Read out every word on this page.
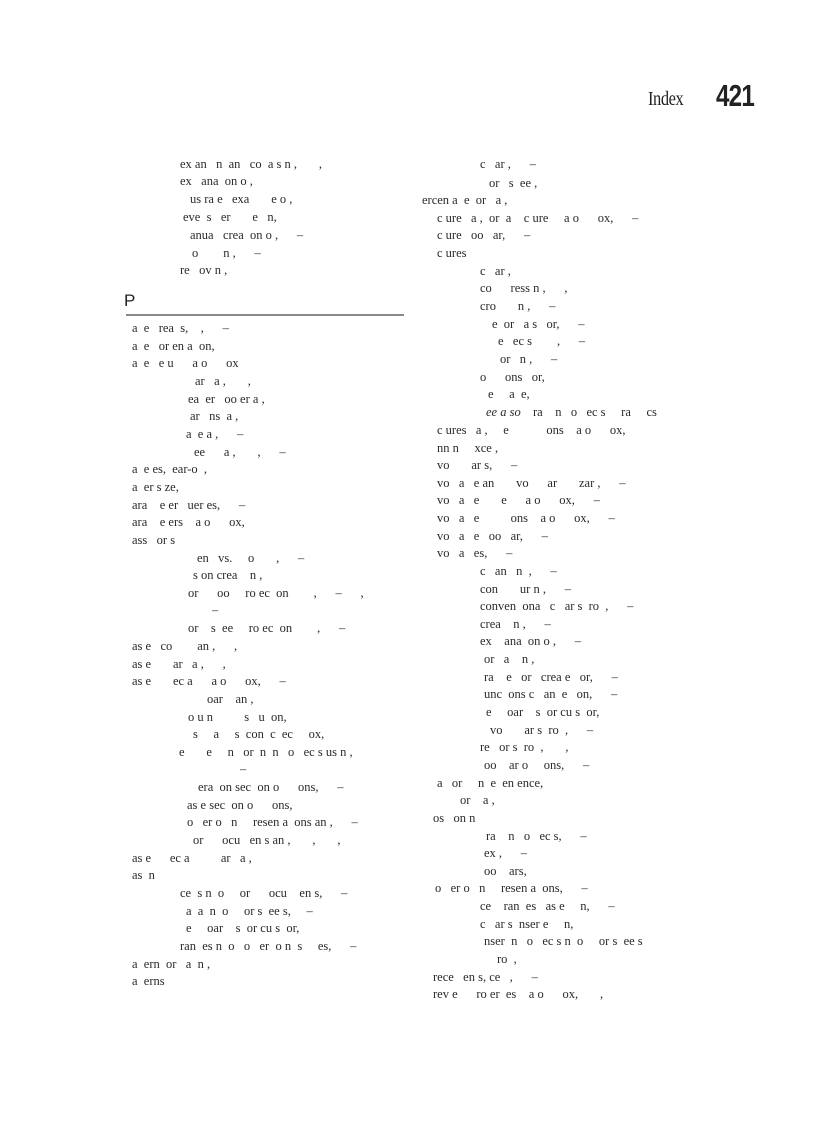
Index 421
ex an   n  an   co  a s n ,       ,
ex   ana  on o ,
us ra e   exa       e o ,
eve  s   er       e   n,
anua   crea  on o ,      –
o        n ,      –
re   ov n ,
P
a  e   rea  s,    ,      –
a  e   or en a  on,
a  e   e u      a o      ox
ar   a ,       ,
ea  er   oo er a ,
ar   ns  a ,
a  e a ,      –
ee      a ,       ,      –
a  e es,  ear-o  ,
a  er s ze,
ara    e er   uer es,      –
ara    e ers    a o      ox,
ass   or s
en   vs.     o       ,      –
s on crea    n ,
or      oo     ro ec  on        ,      –      ,
–
or    s  ee     ro ec  on        ,      –
as e   co        an ,      ,
as e       ar   a ,      ,
as e       ec a      a o      ox,      –
oar    an ,
o u n          s   u  on,
s     a     s  con  c  ec     ox,
e       e     n   or  n  n   o   ec s us n ,
–
era  on sec  on o      ons,      –
as e sec  on o      ons,
o   er o   n     resen a  ons an ,      –
or      ocu   en s an ,       ,       ,
as e      ec a          ar   a ,
as  n
ce  s n  o     or      ocu    en s,      –
a  a  n  o     or s  ee s,     –
e     oar    s  or cu s  or,
ran  es n  o   o   er  o n  s     es,      –
a  ern  or   a  n ,
a  erns
c   ar ,      –
or   s  ee ,
ercen a  e  or   a ,
c ure   a ,  or  a    c ure     a o      ox,      –
c ure   oo   ar,      –
c ures
c   ar ,
co      ress n ,      ,
cro       n ,      –
e  or   a s   or,      –
e   ec s        ,      –
or   n ,      –
o      ons   or,
e     a  e,
ee a so ra    n   o   ec s     ra     cs
c ures   a ,     e            ons    a o      ox,
nn n     xce ,
vo       ar s,      –
vo   a   e an       vo      ar       zar ,      –
vo   a   e       e      a o      ox,      –
vo   a   e          ons    a o      ox,      –
vo   a   e   oo   ar,      –
vo   a   es,      –
c   an   n  ,      –
con       ur n ,      –
conven  ona   c   ar s  ro  ,      –
crea    n ,      –
ex    ana  on o ,      –
or   a    n ,
ra    e   or   crea e   or,      –
unc  ons c   an  e   on,      –
e     oar    s  or cu s  or,
vo       ar s  ro  ,      –
re   or s  ro  ,       ,
oo    ar o     ons,      –
a   or     n  e  en ence,
or    a ,
os   on n
ra    n   o   ec s,      –
ex ,      –
oo    ars,
o   er o   n     resen a  ons,      –
ce    ran  es   as e     n,      –
c   ar s  nser e     n,
nser  n   o   ec s n  o     or s  ee s
ro  ,
rece   en s, ce   ,      –
rev e      ro er  es    a o      ox,       ,
